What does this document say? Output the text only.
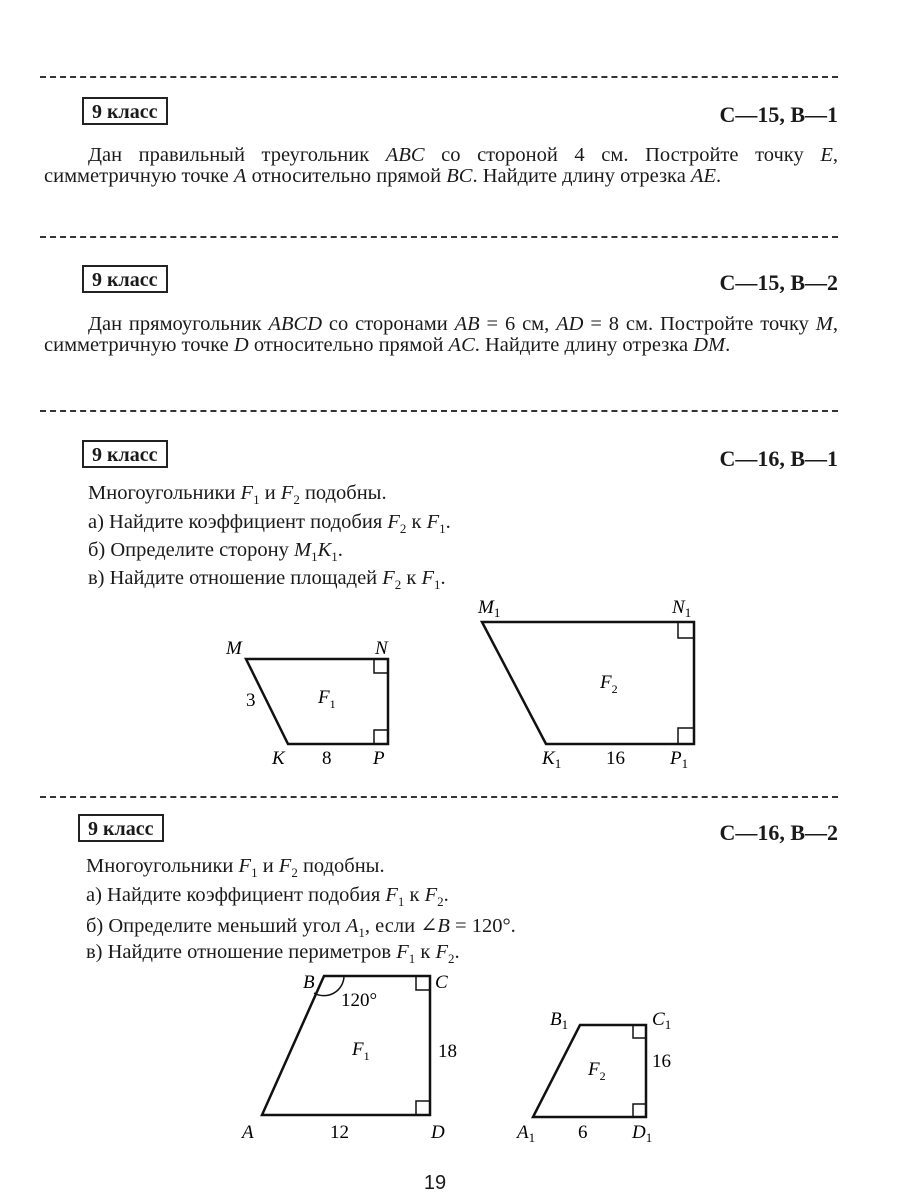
9 класс	С—15, В—1
Дан правильный треугольник ABC со стороной 4 см. Постройте точку E, симметричную точке A относительно прямой BC. Найдите длину отрезка AE.
9 класс	С—15, В—2
Дан прямоугольник ABCD со сторонами AB = 6 см, AD = 8 см. Постройте точку M, симметричную точке D относительно прямой AC. Найдите длину отрезка DM.
9 класс	С—16, В—1
Многоугольники $F_1$ и $F_2$ подобны.
а) Найдите коэффициент подобия $F_2$ к $F_1$.
б) Определите сторону $M_1K_1$.
в) Найдите отношение площадей $F_2$ к $F_1$.
M	N
K	P
3
8
$F_1$
$M_1$	$N_1$
$K_1$	$P_1$
16
$F_2$
9 класс	С—16, В—2
Многоугольники $F_1$ и $F_2$ подобны.
а) Найдите коэффициент подобия $F_1$ к $F_2$.
б) Определите меньший угол $A_1$, если ∠B = 120°.
в) Найдите отношение периметров $F_1$ к $F_2$.
B	C
A	D
120°
18
12
$F_1$
$B_1$	$C_1$
$A_1$	$D_1$
16
6
$F_2$
19
